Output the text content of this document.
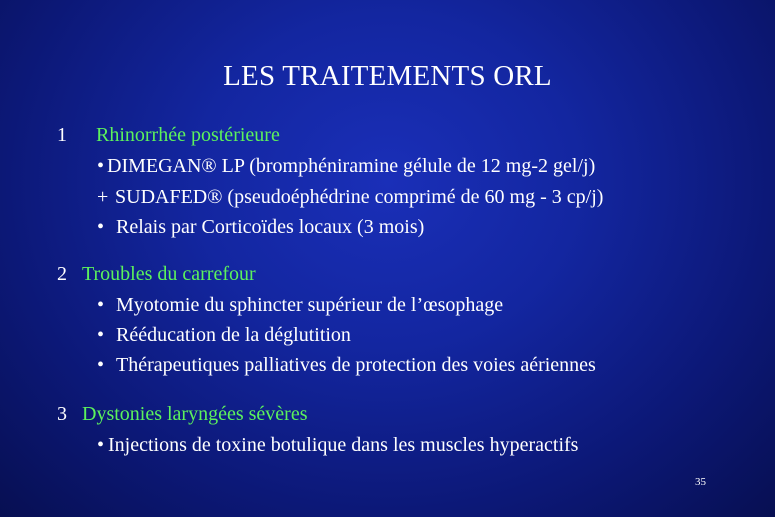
LES TRAITEMENTS ORL
1 Rhinorrhée postérieure
• DIMEGAN® LP (bromphéniramine gélule de 12 mg-2 gel/j)
+ SUDAFED® (pseudoéphédrine comprimé de 60 mg - 3 cp/j)
• Relais par Corticoïdes locaux (3 mois)
2 Troubles du carrefour
• Myotomie du sphincter supérieur de l’œsophage
• Rééducation de la déglutition
• Thérapeutiques palliatives de protection des voies aériennes
3 Dystonies laryngées sévères
• Injections de toxine botulique dans les muscles hyperactifs
35
